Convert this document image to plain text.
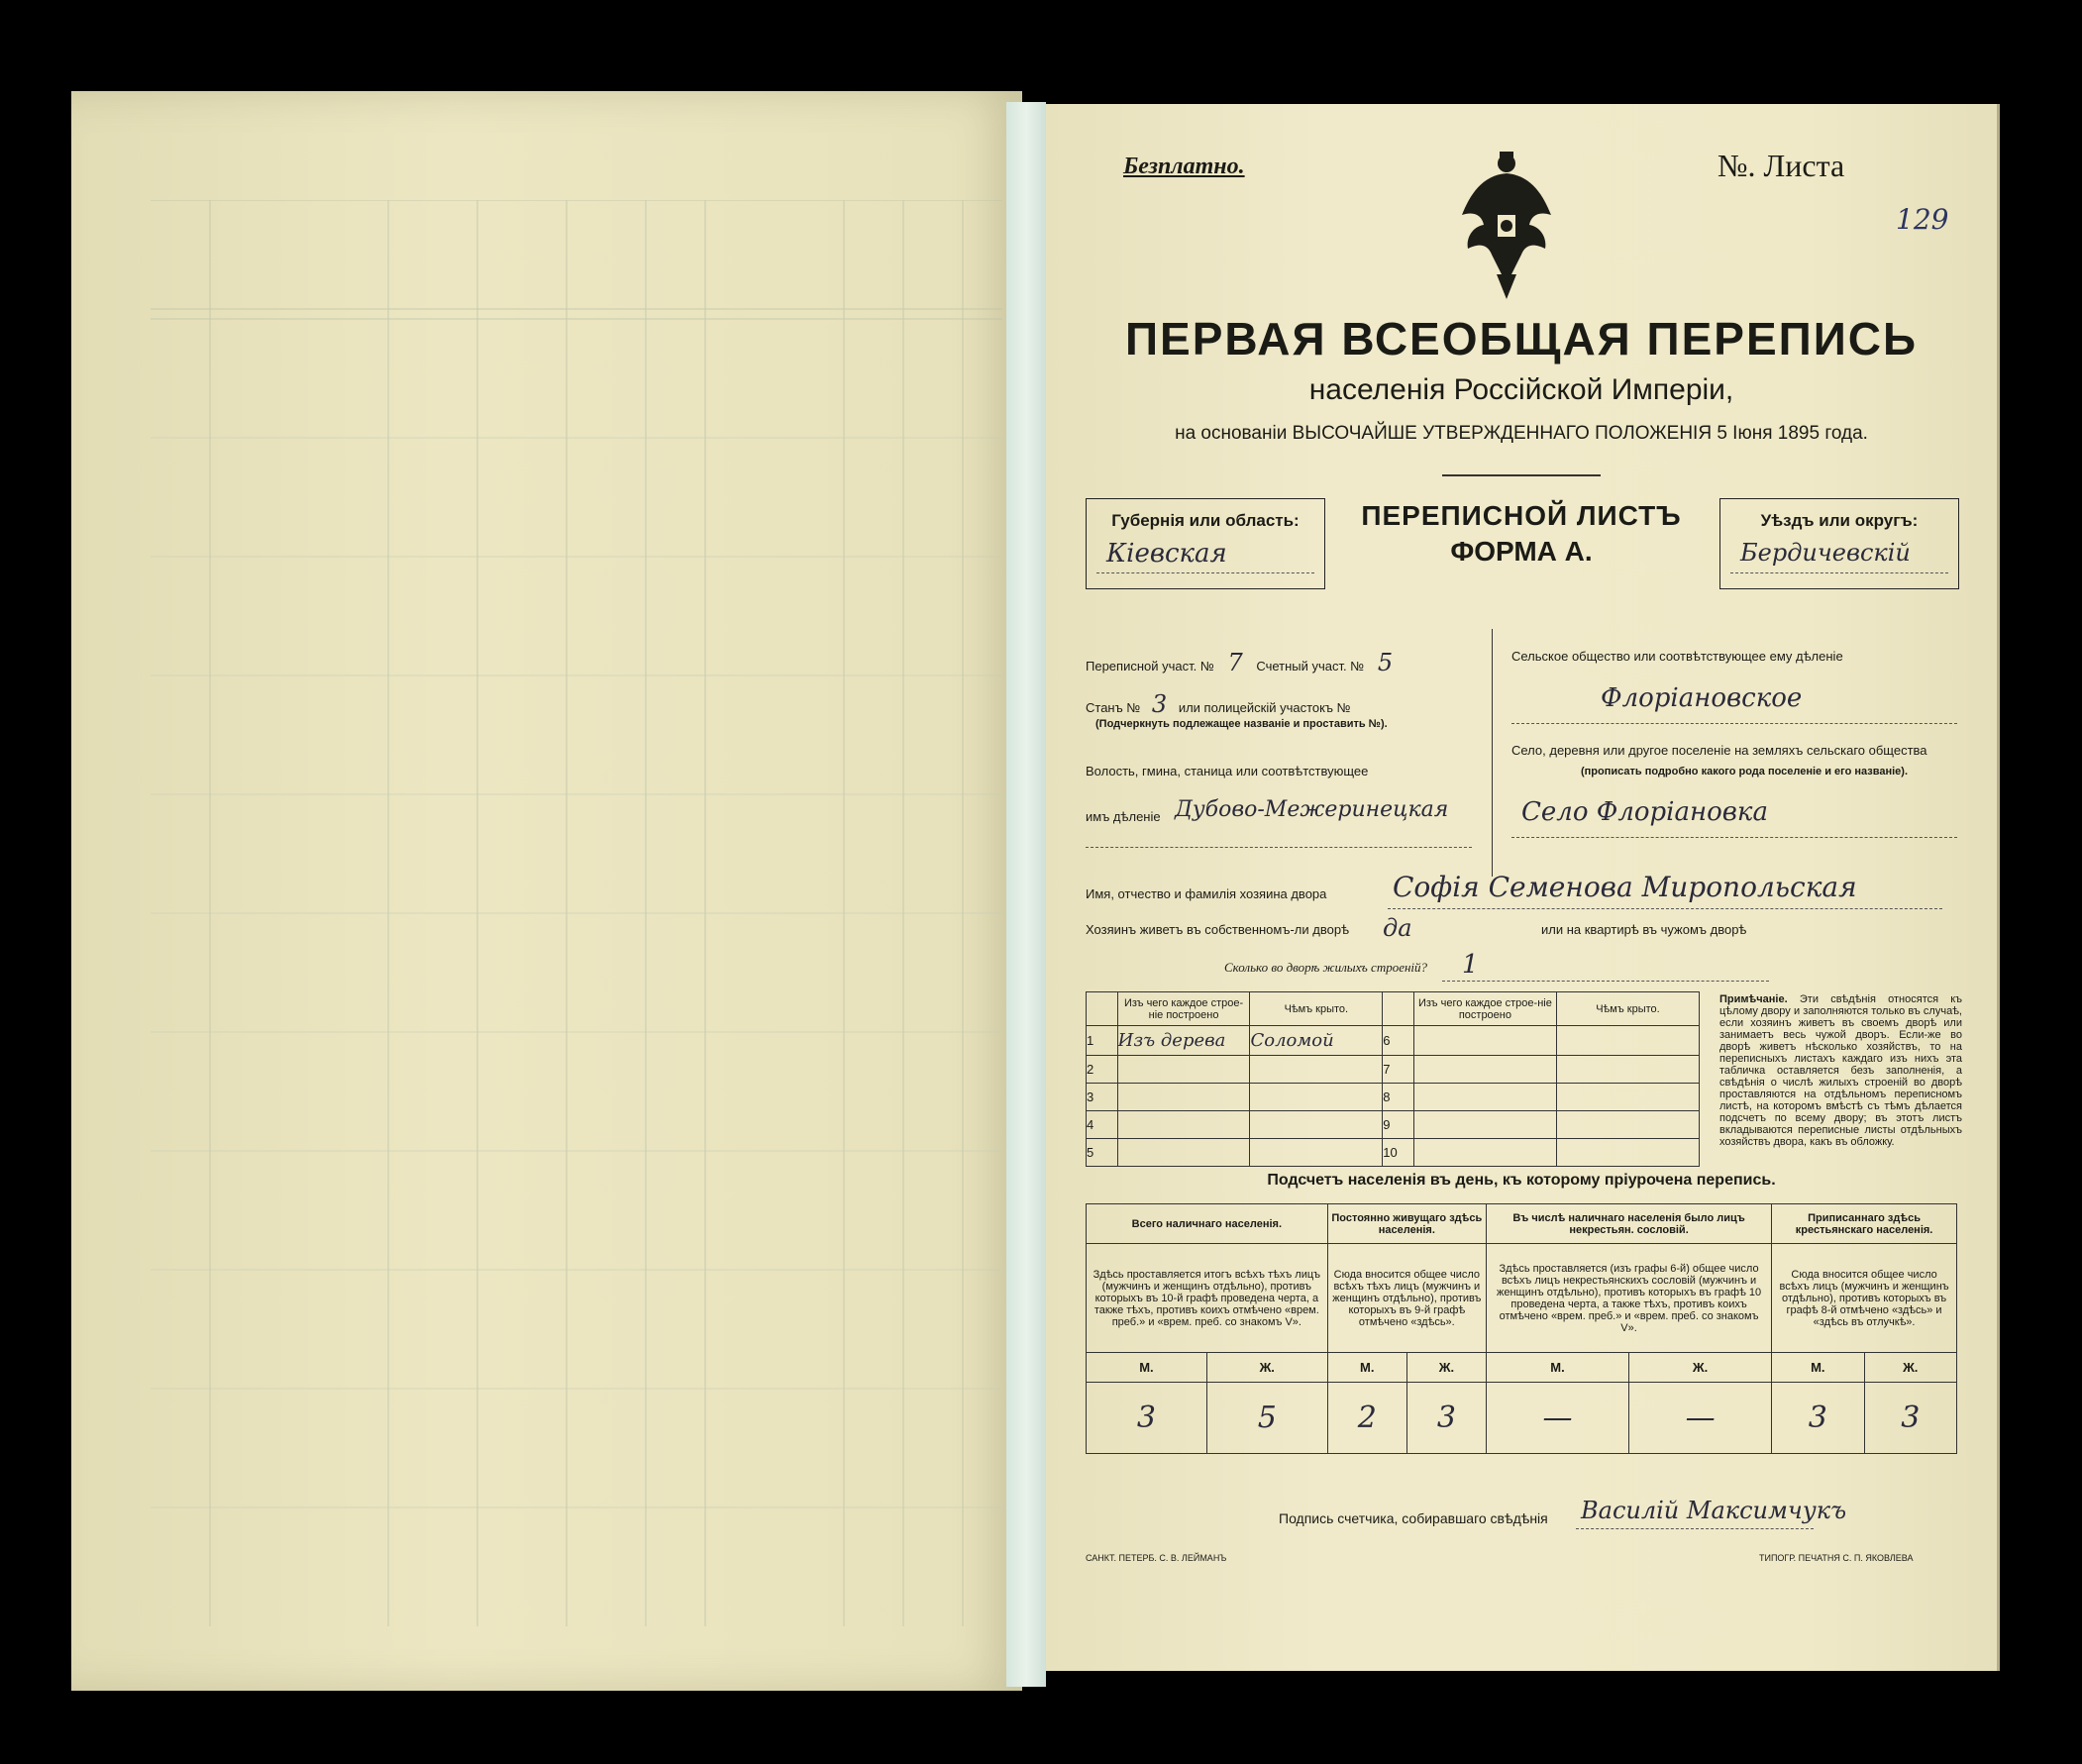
Безплатно.	№. Листа
129
ПЕРВАЯ ВСЕОБЩАЯ ПЕРЕПИСЬ
населенія Россійской Имперіи,
на основаніи ВЫСОЧАЙШЕ УТВЕРЖДЕННАГО ПОЛОЖЕНІЯ 5 Іюня 1895 года.
Губернія или область:
Кіевская
ПЕРЕПИСНОЙ ЛИСТЪ
ФОРМА А.
Уѣздъ или округъ:
Бердичевскій
Переписной участ. № 7 Счетный участ. № 5
Станъ № 3 или полицейскій участокъ №
(Подчеркнуть подлежащее названіе и проставить №).
Волость, гмина, станица или соотвѣтствующее
имъ дѣленіе Дубово-Межеринецкая
Сельское общество или соотвѣтствующее ему дѣленіе
Флоріановское
Село, деревня или другое поселеніе на земляхъ сельскаго общества
(прописать подробно какого рода поселеніе и его названіе).
Село Флоріановка
Имя, отчество и фамилія хозяина двора Софія Семенова Миропольская
Хозяинъ живетъ въ собственномъ-ли дворѣ да	или на квартирѣ въ чужомъ дворѣ
Сколько во дворѣ жилыхъ строеній? 1
	Изъ чего каждое строе-ніе построено	Чѣмъ крыто.		Изъ чего каждое строе-ніе построено	Чѣмъ крыто.
1	Изъ дерева	Соломой	6		
2			7		
3			8		
4			9		
5			10		
Примѣчаніе. Эти свѣдѣнія относятся къ цѣлому двору и заполняются только въ случаѣ, если хозяинъ живетъ въ своемъ дворѣ или занимаетъ весь чужой дворъ. Если-же во дворѣ живетъ нѣсколько хозяйствъ, то на переписныхъ листахъ каждаго изъ нихъ эта табличка оставляется безъ заполненія, а свѣдѣнія о числѣ жилыхъ строеній во дворѣ проставляются на отдѣльномъ переписномъ листѣ, на которомъ вмѣстѣ съ тѣмъ дѣлается подсчетъ по всему двору; въ этотъ листъ вкладываются переписные листы отдѣльныхъ хозяйствъ двора, какъ въ обложку.
Подсчетъ населенія въ день, къ которому пріурочена перепись.
Всего наличнаго населенія.		Постоянно живущаго здѣсь населенія.		Въ числѣ наличнаго населенія было лицъ некрестьян. сословій.		Приписаннаго здѣсь крестьянскаго населенія.	
Здѣсь проставляется итогъ всѣхъ тѣхъ лицъ (мужчинъ и женщинъ отдѣльно), противъ которыхъ въ 10-й графѣ проведена черта, а также тѣхъ, противъ коихъ отмѣчено «врем. преб.» и «врем. преб. со знакомъ V».		Сюда вносится общее число всѣхъ тѣхъ лицъ (мужчинъ и женщинъ отдѣльно), противъ которыхъ въ 9-й графѣ отмѣчено «здѣсь».		Здѣсь проставляется (изъ графы 6-й) общее число всѣхъ лицъ некрестьянскихъ сословій (мужчинъ и женщинъ отдѣльно), противъ которыхъ въ графѣ 10 проведена черта, а также тѣхъ, противъ коихъ отмѣчено «врем. преб.» и «врем. преб. со знакомъ V».		Сюда вносится общее число всѣхъ лицъ (мужчинъ и женщинъ отдѣльно), противъ которыхъ въ графѣ 8-й отмѣчено «здѣсь» и «здѣсь въ отлучкѣ».	
М.	Ж.	М.	Ж.	М.	Ж.	М.	Ж.
3	5	2	3	—	—	3	3
Подпись счетчика, собиравшаго свѣдѣнія Василій Максимчукъ
САНКТ. ПЕТЕРБ. С. В. ЛЕЙМАНЪ	ТИПОГР. ПЕЧАТНЯ С. П. ЯКОВЛЕВА
